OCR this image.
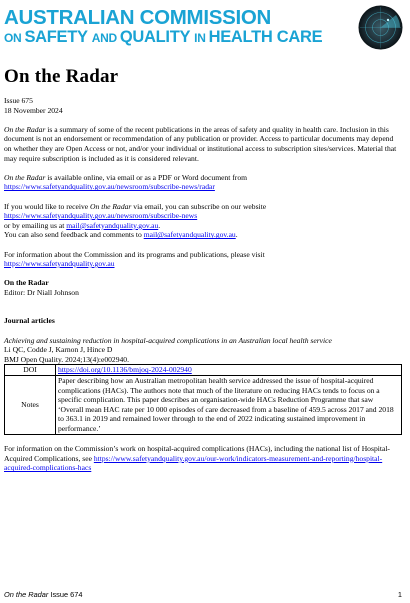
AUSTRALIAN COMMISSION
ON SAFETY AND QUALITY IN HEALTH CARE
On the Radar
Issue 675

18 November 2024

On the Radar is a summary of some of the recent publications in the areas of safety and quality in health care. Inclusion in this document is not an endorsement or recommendation of any publication or provider. Access to particular documents may depend on whether they are Open Access or not, and/or your individual or institutional access to subscription sites/services. Material that may require subscription is included as it is considered relevant.

On the Radar is available online, via email or as a PDF or Word document from
https://www.safetyandquality.gov.au/newsroom/subscribe-news/radar

If you would like to receive On the Radar via email, you can subscribe on our website
https://www.safetyandquality.gov.au/newsroom/subscribe-news
or by emailing us at mail@safetyandquality.gov.au.
You can also send feedback and comments to mail@safetyandquality.gov.au.

For information about the Commission and its programs and publications, please visit
https://www.safetyandquality.gov.au

On the Radar
Editor: Dr Niall Johnson

Journal articles

Achieving and sustaining reduction in hospital-acquired complications in an Australian local health service
Li QC, Codde J, Karnon J, Hince D
BMJ Open Quality. 2024;13(4):e002940.
DOI	https://doi.org/10.1136/bmjoq-2024-002940
Notes	Paper describing how an Australian metropolitan health service addressed the issue of hospital-acquired complications (HACs). The authors note that much of the literature on reducing HACs tends to focus on a specific complication. This paper describes an organisation-wide HACs Reduction Programme that saw ‘Overall mean HAC rate per 10 000 episodes of care decreased from a baseline of 459.5 across 2017 and 2018 to 363.1 in 2019 and remained lower through to the end of 2022 indicating sustained improvement in performance.’

For information on the Commission’s work on hospital-acquired complications (HACs), including the national list of Hospital-Acquired Complications, see https://www.safetyandquality.gov.au/our-work/indicators-measurement-and-reporting/hospital-acquired-complications-hacs

On the Radar Issue 674	1
